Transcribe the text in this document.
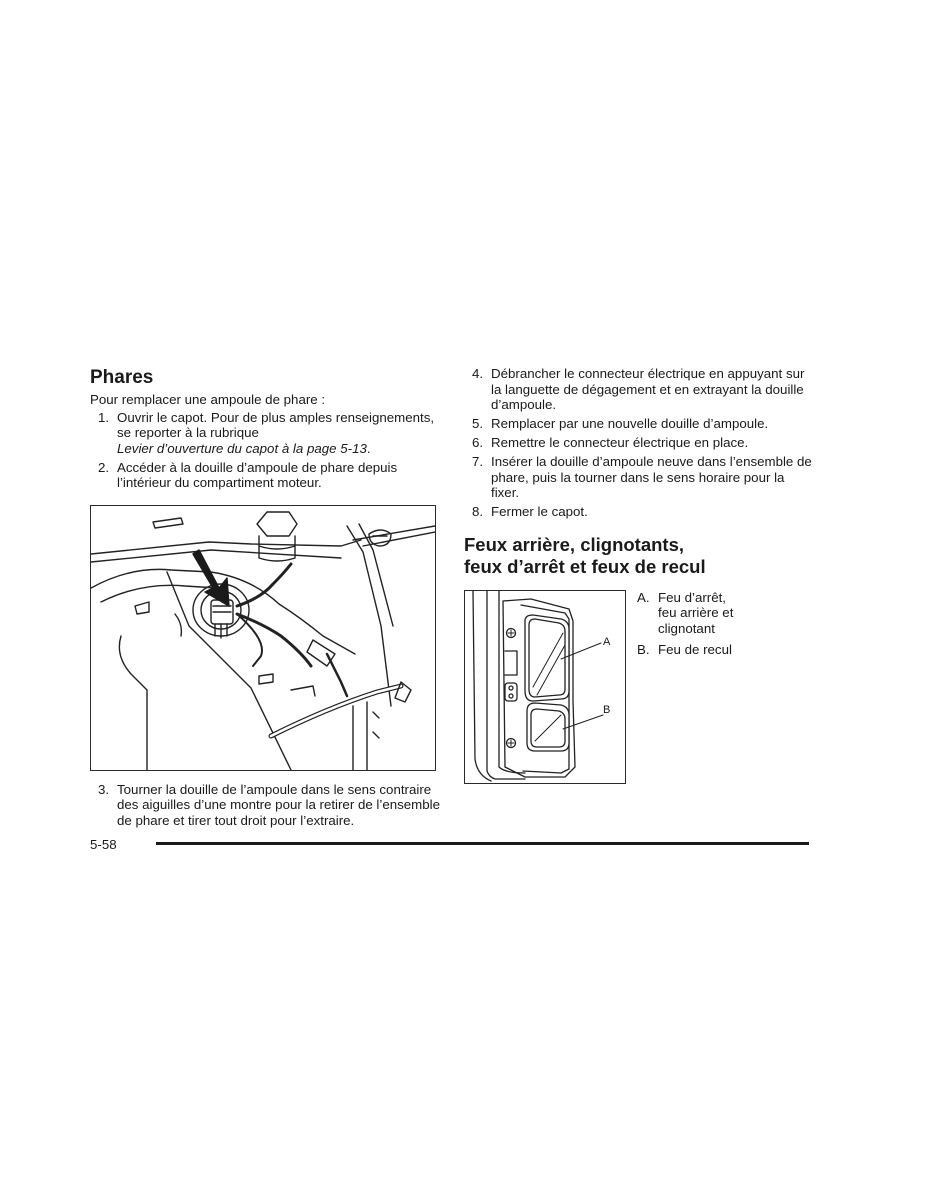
Phares

Pour remplacer une ampoule de phare :

1. Ouvrir le capot. Pour de plus amples renseignements, se reporter à la rubrique
Levier d’ouverture du capot à la page 5-13.
2. Accéder à la douille d’ampoule de phare depuis l’intérieur du compartiment moteur.
3. Tourner la douille de l’ampoule dans le sens contraire des aiguilles d’une montre pour la retirer de l’ensemble de phare et tirer tout droit pour l’extraire.
4. Débrancher le connecteur électrique en appuyant sur la languette de dégagement et en extrayant la douille d’ampoule.
5. Remplacer par une nouvelle douille d’ampoule.
6. Remettre le connecteur électrique en place.
7. Insérer la douille d’ampoule neuve dans l’ensemble de phare, puis la tourner dans le sens horaire pour la fixer.
8. Fermer le capot.
Feux arrière, clignotants,
feux d’arrêt et feux de recul
A
B
A. Feu d’arrêt, feu arrière et clignotant
B. Feu de recul
5-58
